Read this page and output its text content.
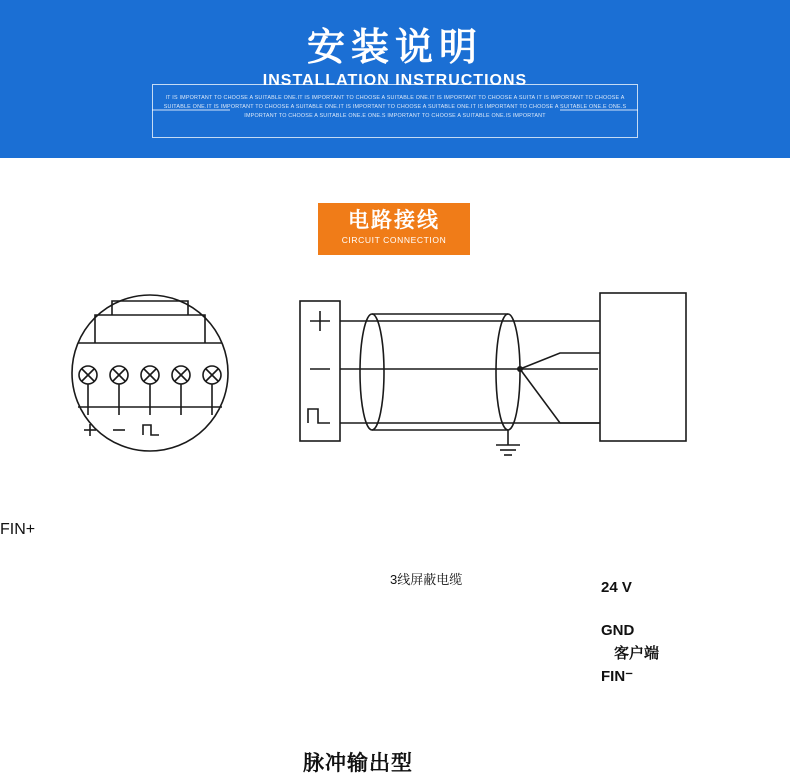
安装说明
INSTALLATION INSTRUCTIONS
IT IS IMPORTANT TO CHOOSE A SUITABLE ONE.IT IS IMPORTANT TO CHOOSE A SUITABLE ONE.IT IS IMPORTANT TO CHOOSE A SUITA IT IS IMPORTANT TO CHOOSE A SUITABLE ONE.IT IS IMPORTANT TO CHOOSE A SUITABLE ONE.IT IS IMPORTANT TO CHOOSE A SUITABLE ONE.IT IS IMPORTANT TO CHOOSE A SUITABLE ONE.E ONE.S IMPORTANT TO CHOOSE A SUITABLE ONE.E ONE.S IMPORTANT TO CHOOSE A SUITABLE ONE.IS IMPORTANT
电路接线
CIRCUIT CONNECTION
3线屏蔽电缆	24 V
GND
客户端
FIN⁻
FIN+
脉冲输出型
